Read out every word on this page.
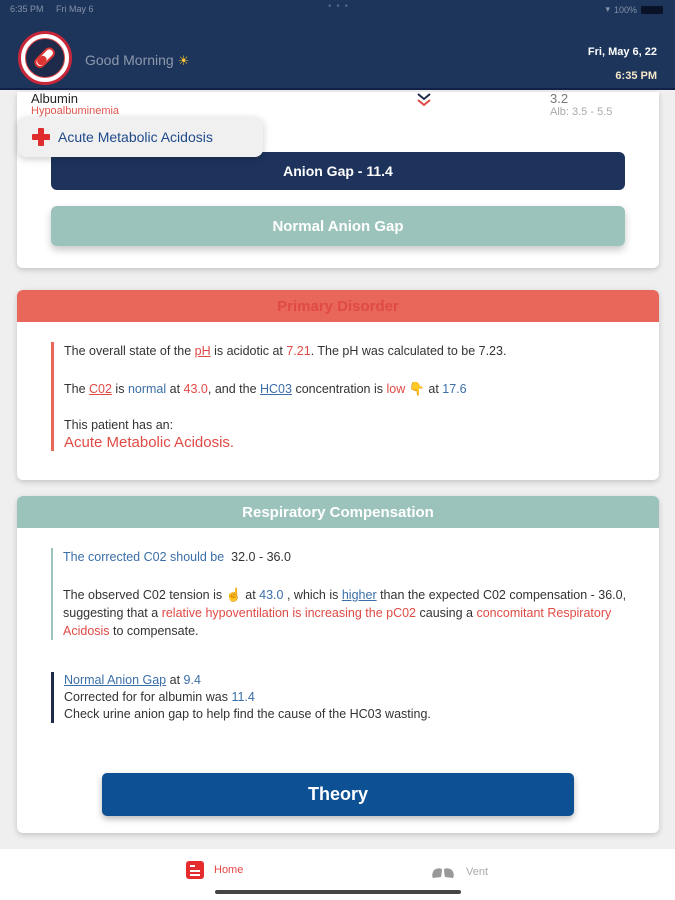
6:35 PM Fri May 6	• • •	▾ 100%
Good Morning ☀
Fri, May 6, 22
6:35 PM
Albumin
Hypoalbuminemia
3.2
Alb: 3.5 - 5.5
Anion Gap - 11.4
Normal Anion Gap
Acute Metabolic Acidosis
Primary Disorder

The overall state of the pH is acidotic at 7.21. The pH was calculated to be 7.23.

The C02 is normal at 43.0, and the HC03 concentration is low 👇 at 17.6

This patient has an:

Acute Metabolic Acidosis.

Respiratory Compensation

The corrected C02 should be 32.0 - 36.0

The observed C02 tension is ☝ at 43.0 , which is higher than the expected C02 compensation - 36.0, suggesting that a relative hypoventilation is increasing the pC02 causing a concomitant Respiratory Acidosis to compensate.

Normal Anion Gap at 9.4

Corrected for for albumin was 11.4

Check urine anion gap to help find the cause of the HC03 wasting.

Theory
Home	Vent
